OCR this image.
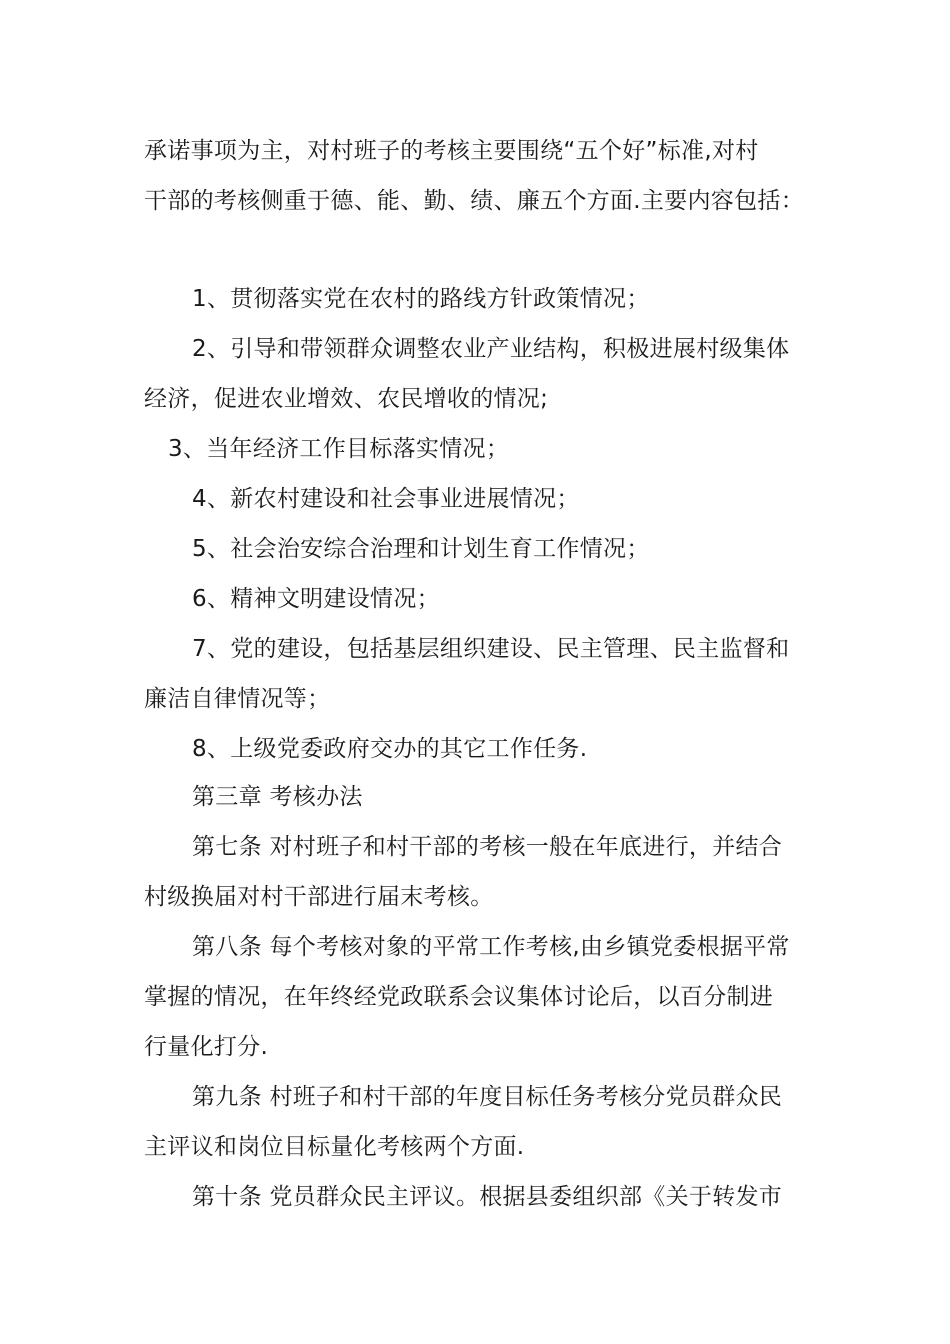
承诺事项为主，对村班子的考核主要围绕“五个好”标准,对村
干部的考核侧重于德、能、勤、绩、廉五个方面.主要内容包括：
1、贯彻落实党在农村的路线方针政策情况；
2、引导和带领群众调整农业产业结构，积极进展村级集体
经济，促进农业增效、农民增收的情况;
3、当年经济工作目标落实情况；
4、新农村建设和社会事业进展情况；
5、社会治安综合治理和计划生育工作情况；
6、精神文明建设情况；
7、党的建设，包括基层组织建设、民主管理、民主监督和
廉洁自律情况等；
8、上级党委政府交办的其它工作任务.
第三章 考核办法
第七条 对村班子和村干部的考核一般在年底进行，并结合
村级换届对村干部进行届末考核。
第八条 每个考核对象的平常工作考核,由乡镇党委根据平常
掌握的情况，在年终经党政联系会议集体讨论后，以百分制进
行量化打分.
第九条 村班子和村干部的年度目标任务考核分党员群众民
主评议和岗位目标量化考核两个方面.
第十条 党员群众民主评议。根据县委组织部《关于转发市
